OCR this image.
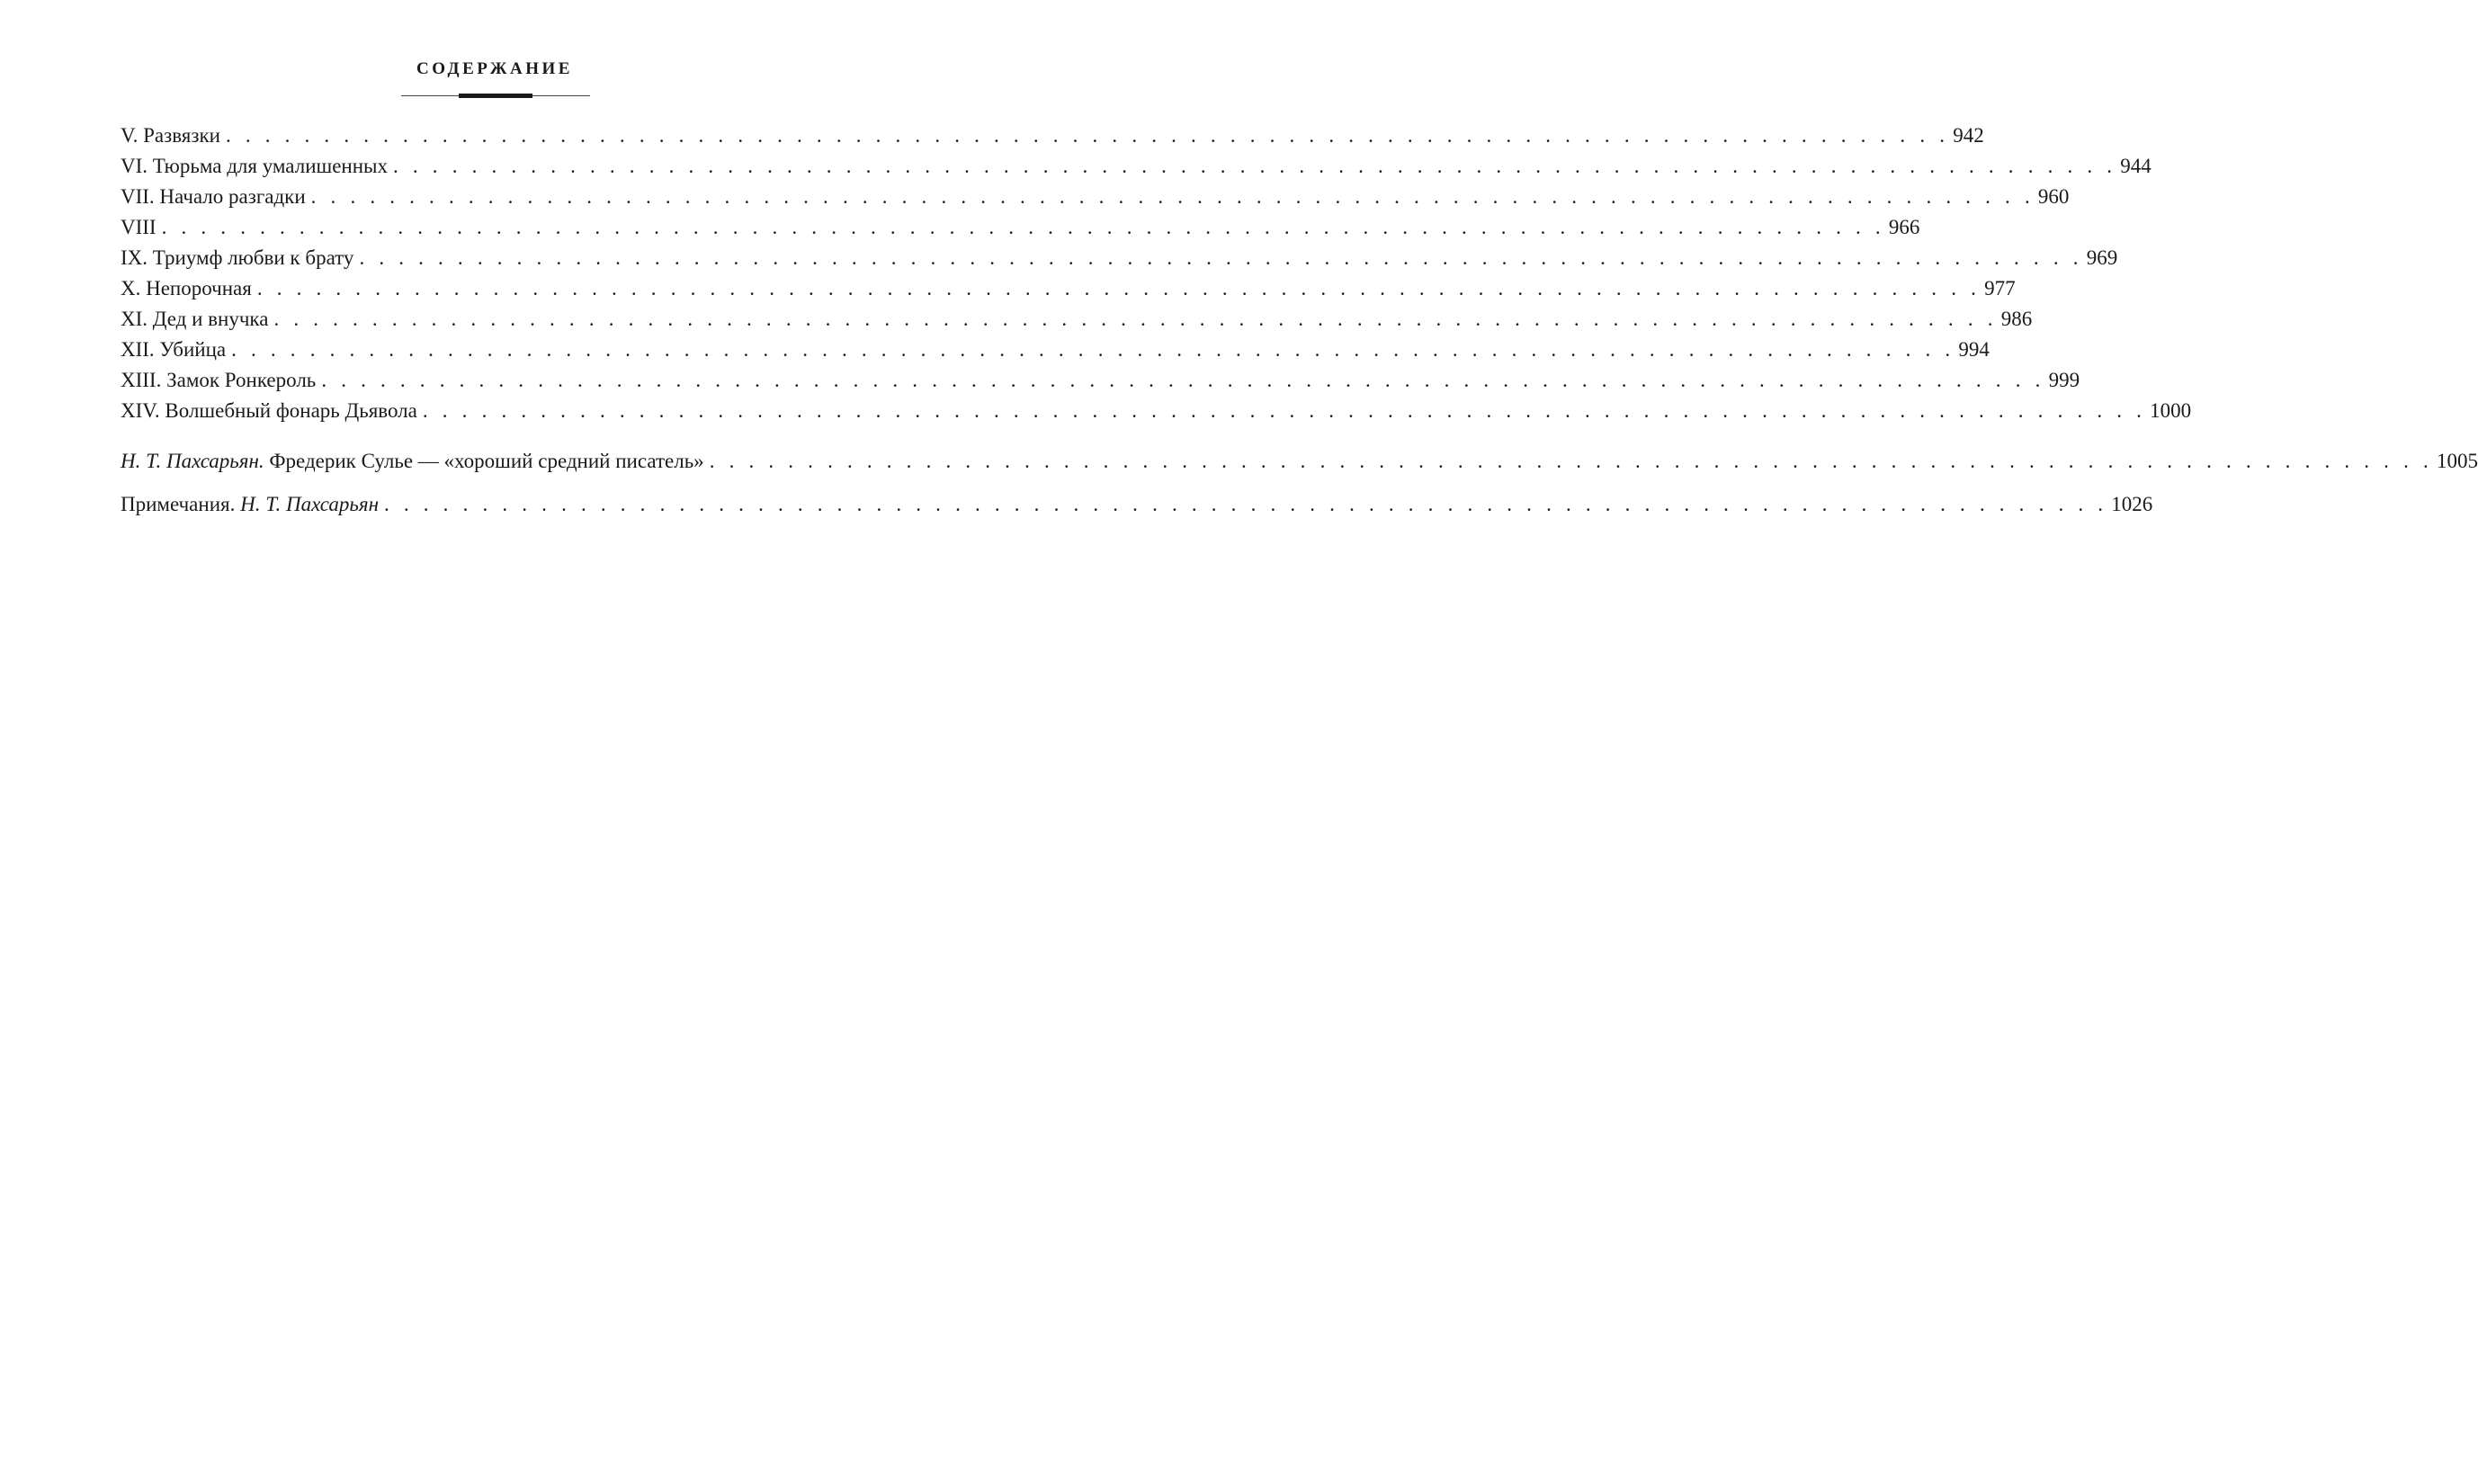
СОДЕРЖАНИЕ
V. Развязки . . . . . . . . . . . . . . . . . . . . . . . . . . . . . . . . . . . . . . . . . . . . . . . . . . . . . . . . . . . . . . . . . . . . . . . . . . . . . . . . . . . . . . . . 942
VI. Тюрьма для умалишенных . . . . . . . . . . . . . . . . . . . . . . . . . . . . . . . . . . . . . . . . . . . . . . . . . . . . . . . . . . . . . . . . . . . . . . . . . . . . . . . . . . . . . . . . 944
VII. Начало разгадки . . . . . . . . . . . . . . . . . . . . . . . . . . . . . . . . . . . . . . . . . . . . . . . . . . . . . . . . . . . . . . . . . . . . . . . . . . . . . . . . . . . . . . . . 960
VIII . . . . . . . . . . . . . . . . . . . . . . . . . . . . . . . . . . . . . . . . . . . . . . . . . . . . . . . . . . . . . . . . . . . . . . . . . . . . . . . . . . . . . . . . 966
IX. Триумф любви к брату . . . . . . . . . . . . . . . . . . . . . . . . . . . . . . . . . . . . . . . . . . . . . . . . . . . . . . . . . . . . . . . . . . . . . . . . . . . . . . . . . . . . . . . . 969
X. Непорочная . . . . . . . . . . . . . . . . . . . . . . . . . . . . . . . . . . . . . . . . . . . . . . . . . . . . . . . . . . . . . . . . . . . . . . . . . . . . . . . . . . . . . . . . 977
XI. Дед и внучка . . . . . . . . . . . . . . . . . . . . . . . . . . . . . . . . . . . . . . . . . . . . . . . . . . . . . . . . . . . . . . . . . . . . . . . . . . . . . . . . . . . . . . . . 986
XII. Убийца . . . . . . . . . . . . . . . . . . . . . . . . . . . . . . . . . . . . . . . . . . . . . . . . . . . . . . . . . . . . . . . . . . . . . . . . . . . . . . . . . . . . . . . . 994
XIII. Замок Ронкероль . . . . . . . . . . . . . . . . . . . . . . . . . . . . . . . . . . . . . . . . . . . . . . . . . . . . . . . . . . . . . . . . . . . . . . . . . . . . . . . . . . . . . . . . 999
XIV. Волшебный фонарь Дьявола . . . . . . . . . . . . . . . . . . . . . . . . . . . . . . . . . . . . . . . . . . . . . . . . . . . . . . . . . . . . . . . . . . . . . . . . . . . . . . . . . . . . . . . . 1000
Н. Т. Пахсарьян. Фредерик Сулье — «хороший средний писатель» . . . . . . . . . . . . . . . . . . . . . . . . . . . . . . . . . . . . . . . . . . . . . . . . . . . . . . . . . . . . . . . . . . . . . . . . . . . . . . . . . . . . . . . . 1005
Примечания. Н. Т. Пахсарьян . . . . . . . . . . . . . . . . . . . . . . . . . . . . . . . . . . . . . . . . . . . . . . . . . . . . . . . . . . . . . . . . . . . . . . . . . . . . . . . . . . . . . . . . 1026
